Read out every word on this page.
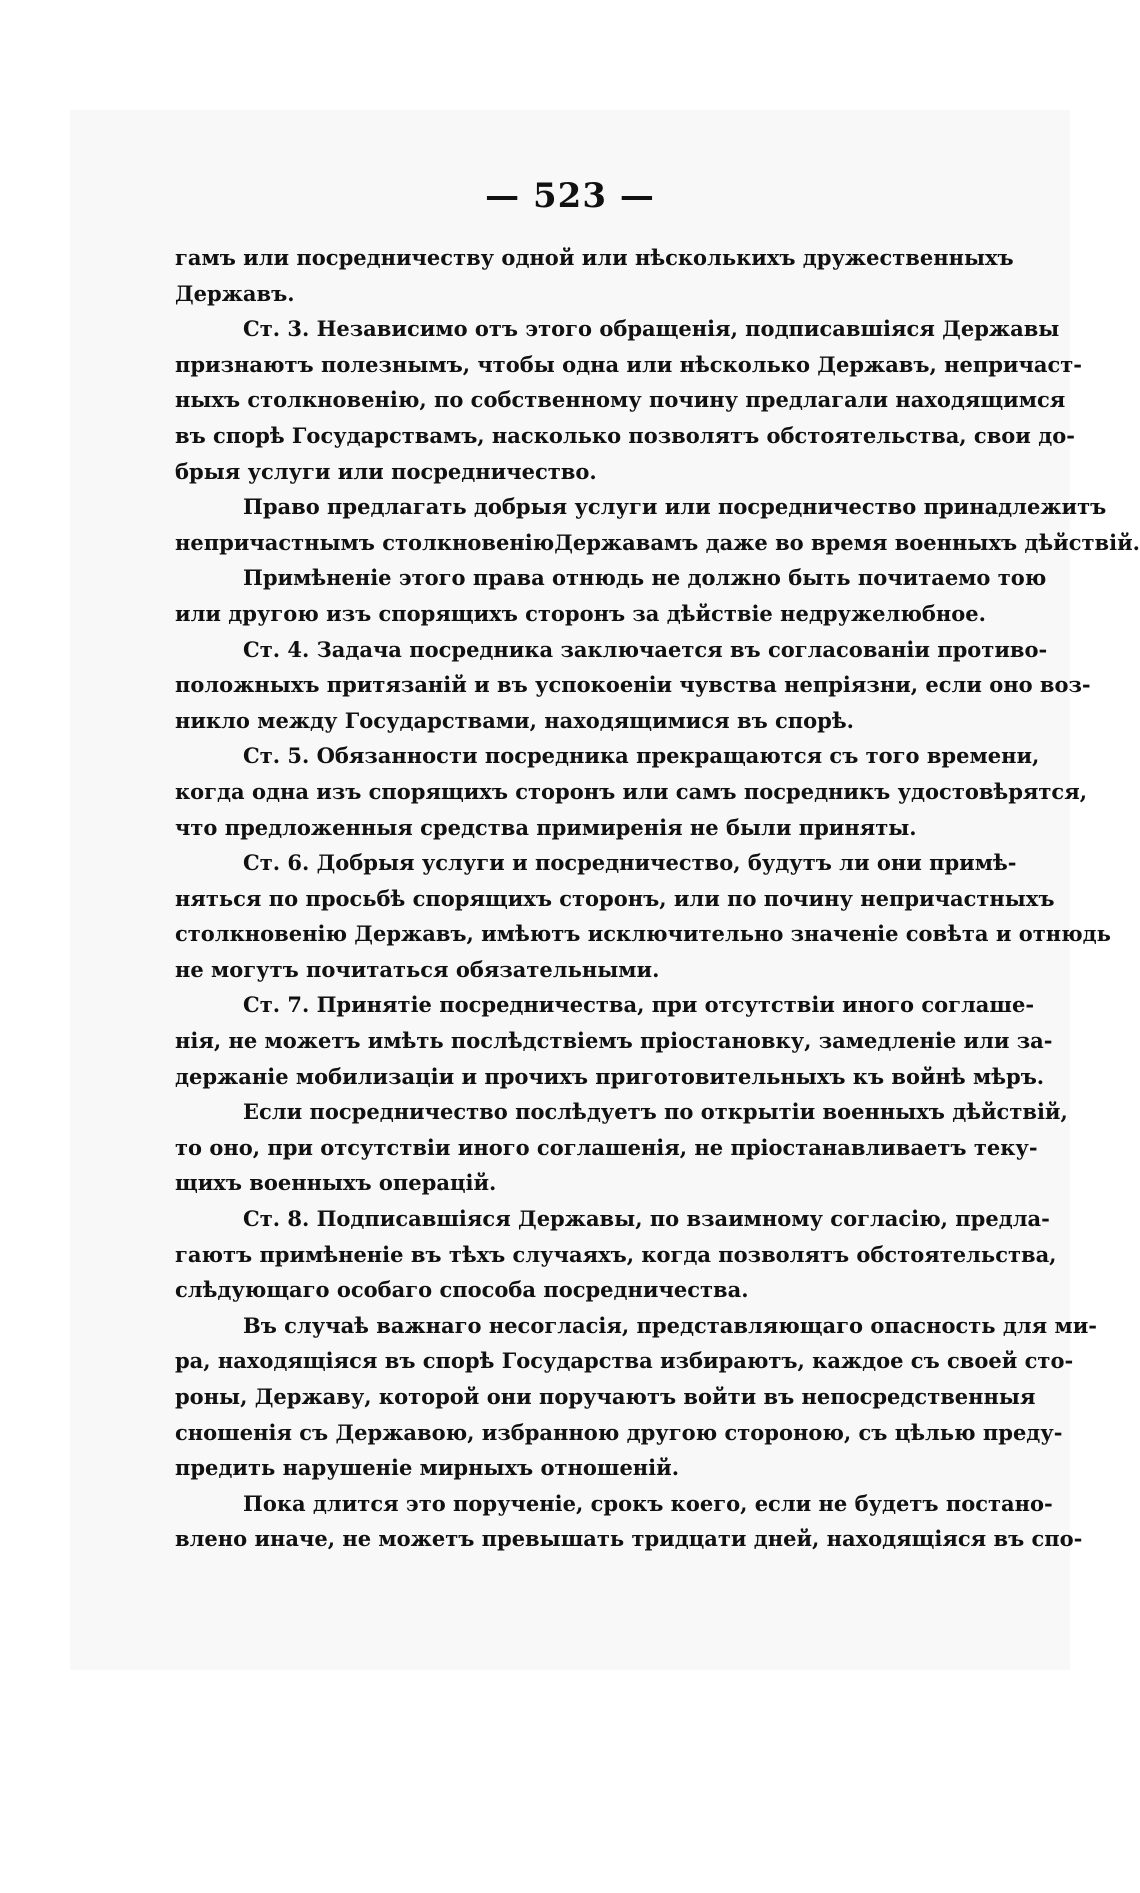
— 523 —
гамъ или посредничеству одной или нѣсколькихъ дружественныхъ
Державъ.
Ст. 3. Независимо отъ этого обращенія, подписавшіяся Державы
признаютъ полезнымъ, чтобы одна или нѣсколько Державъ, непричаст-
ныхъ столкновенію, по собственному почину предлагали находящимся
въ спорѣ Государствамъ, насколько позволятъ обстоятельства, свои до-
брыя услуги или посредничество.
Право предлагать добрыя услуги или посредничество принадлежитъ
непричастнымъ столкновеніюДержавамъ даже во время военныхъ дѣйствій.
Примѣненіе этого права отнюдь не должно быть почитаемо тою
или другою изъ спорящихъ сторонъ за дѣйствіе недружелюбное.
Ст. 4. Задача посредника заключается въ согласованіи противо-
положныхъ притязаній и въ успокоеніи чувства непріязни, если оно воз-
никло между Государствами, находящимися въ спорѣ.
Ст. 5. Обязанности посредника прекращаются съ того времени,
когда одна изъ спорящихъ сторонъ или самъ посредникъ удостовѣрятся,
что предложенныя средства примиренія не были приняты.
Ст. 6. Добрыя услуги и посредничество, будутъ ли они примѣ-
няться по просьбѣ спорящихъ сторонъ, или по почину непричастныхъ
столкновенію Державъ, имѣютъ исключительно значеніе совѣта и отнюдь
не могутъ почитаться обязательными.
Ст. 7. Принятіе посредничества, при отсутствіи иного соглаше-
нія, не можетъ имѣть послѣдствіемъ пріостановку, замедленіе или за-
держаніе мобилизаціи и прочихъ приготовительныхъ къ войнѣ мѣръ.
Если посредничество послѣдуетъ по открытіи военныхъ дѣйствій,
то оно, при отсутствіи иного соглашенія, не пріостанавливаетъ теку-
щихъ военныхъ операцій.
Ст. 8. Подписавшіяся Державы, по взаимному согласію, предла-
гаютъ примѣненіе въ тѣхъ случаяхъ, когда позволятъ обстоятельства,
слѣдующаго особаго способа посредничества.
Въ случаѣ важнаго несогласія, представляющаго опасность для ми-
ра, находящіяся въ спорѣ Государства избираютъ, каждое съ своей сто-
роны, Державу, которой они поручаютъ войти въ непосредственныя
сношенія съ Державою, избранною другою стороною, съ цѣлью преду-
предить нарушеніе мирныхъ отношеній.
Пока длится это порученіе, срокъ коего, если не будетъ постано-
влено иначе, не можетъ превышать тридцати дней, находящіяся въ спо-
